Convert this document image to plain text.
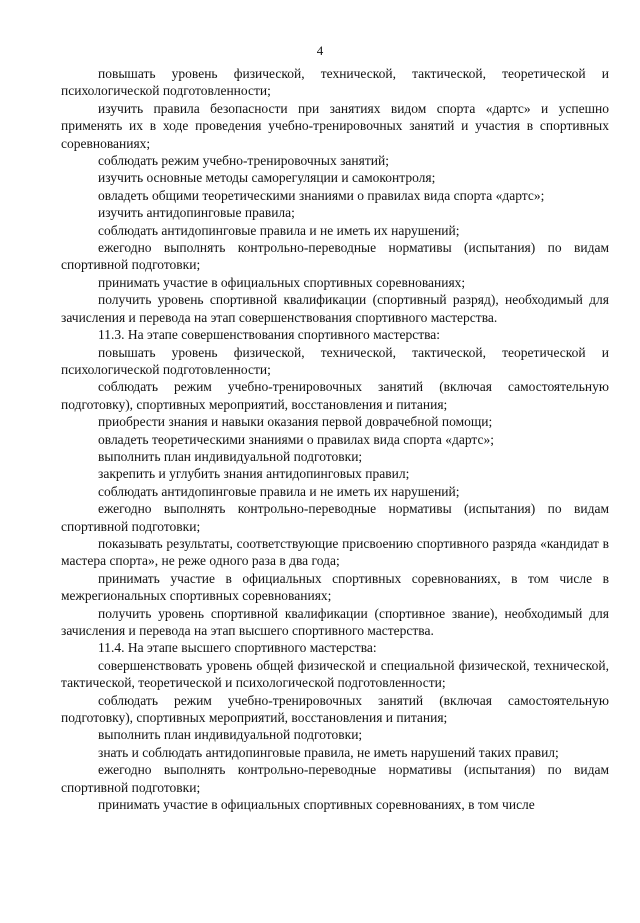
4

повышать уровень физической, технической, тактической, теоретической и психологической подготовленности;

изучить правила безопасности при занятиях видом спорта «дартс» и успешно применять их в ходе проведения учебно-тренировочных занятий и участия в спортивных соревнованиях;

соблюдать режим учебно-тренировочных занятий;

изучить основные методы саморегуляции и самоконтроля;

овладеть общими теоретическими знаниями о правилах вида спорта «дартс»;

изучить антидопинговые правила;

соблюдать антидопинговые правила и не иметь их нарушений;

ежегодно выполнять контрольно-переводные нормативы (испытания) по видам спортивной подготовки;

принимать участие в официальных спортивных соревнованиях;

получить уровень спортивной квалификации (спортивный разряд), необходимый для зачисления и перевода на этап совершенствования спортивного мастерства.

11.3. На этапе совершенствования спортивного мастерства:

повышать уровень физической, технической, тактической, теоретической и психологической подготовленности;

соблюдать режим учебно-тренировочных занятий (включая самостоятельную подготовку), спортивных мероприятий, восстановления и питания;

приобрести знания и навыки оказания первой доврачебной помощи;

овладеть теоретическими знаниями о правилах вида спорта «дартс»;

выполнить план индивидуальной подготовки;

закрепить и углубить знания антидопинговых правил;

соблюдать антидопинговые правила и не иметь их нарушений;

ежегодно выполнять контрольно-переводные нормативы (испытания) по видам спортивной подготовки;

показывать результаты, соответствующие присвоению спортивного разряда «кандидат в мастера спорта», не реже одного раза в два года;

принимать участие в официальных спортивных соревнованиях, в том числе в межрегиональных спортивных соревнованиях;

получить уровень спортивной квалификации (спортивное звание), необходимый для зачисления и перевода на этап высшего спортивного мастерства.

11.4. На этапе высшего спортивного мастерства:

совершенствовать уровень общей физической и специальной физической, технической, тактической, теоретической и психологической подготовленности;

соблюдать режим учебно-тренировочных занятий (включая самостоятельную подготовку), спортивных мероприятий, восстановления и питания;

выполнить план индивидуальной подготовки;

знать и соблюдать антидопинговые правила, не иметь нарушений таких правил;

ежегодно выполнять контрольно-переводные нормативы (испытания) по видам спортивной подготовки;

принимать участие в официальных спортивных соревнованиях, в том числе
